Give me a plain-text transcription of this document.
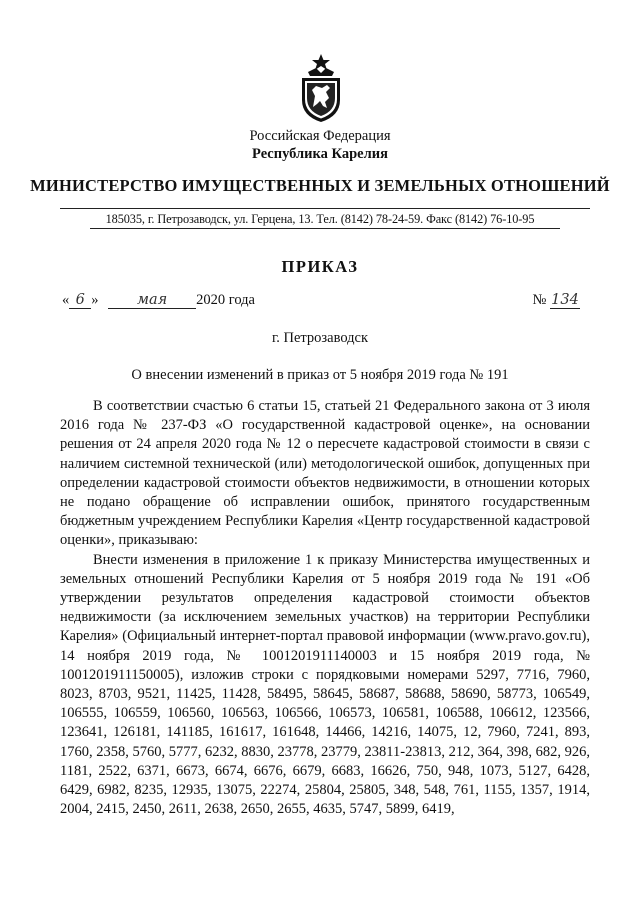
Российская Федерация
Республика Карелия
МИНИСТЕРСТВО ИМУЩЕСТВЕННЫХ И ЗЕМЕЛЬНЫХ ОТНОШЕНИЙ
185035, г. Петрозаводск, ул. Герцена, 13. Тел. (8142) 78-24-59. Факс (8142) 76-10-95
ПРИКАЗ
« 6 »	мая 2020 года	№ 134
г. Петрозаводск
О внесении изменений в приказ от 5 ноября 2019 года № 191

В соответствии счастью 6 статьи 15, статьей 21 Федерального закона от 3 июля 2016 года № 237-ФЗ «О государственной кадастровой оценке», на основании решения от 24 апреля 2020 года № 12 о пересчете кадастровой стоимости в связи с наличием системной технической (или) методологической ошибок, допущенных при определении кадастровой стоимости объектов недвижимости, в отношении которых не подано обращение об исправлении ошибок, принятого государственным бюджетным учреждением Республики Карелия «Центр государственной кадастровой оценки», приказываю:

Внести изменения в приложение 1 к приказу Министерства имущественных и земельных отношений Республики Карелия от 5 ноября 2019 года № 191 «Об утверждении результатов определения кадастровой стоимости объектов недвижимости (за исключением земельных участков) на территории Республики Карелия» (Официальный интернет-портал правовой информации (www.pravo.gov.ru), 14 ноября 2019 года, № 1001201911140003 и 15 ноября 2019 года, № 1001201911150005), изложив строки с порядковыми номерами 5297, 7716, 7960, 8023, 8703, 9521, 11425, 11428, 58495, 58645, 58687, 58688, 58690, 58773, 106549, 106555, 106559, 106560, 106563, 106566, 106573, 106581, 106588, 106612, 123566, 123641, 126181, 141185, 161617, 161648, 14466, 14216, 14075, 12, 7960, 7241, 893, 1760, 2358, 5760, 5777, 6232, 8830, 23778, 23779, 23811-23813, 212, 364, 398, 682, 926, 1181, 2522, 6371, 6673, 6674, 6676, 6679, 6683, 16626, 750, 948, 1073, 5127, 6428, 6429, 6982, 8235, 12935, 13075, 22274, 25804, 25805, 348, 548, 761, 1155, 1357, 1914, 2004, 2415, 2450, 2611, 2638, 2650, 2655, 4635, 5747, 5899, 6419,
